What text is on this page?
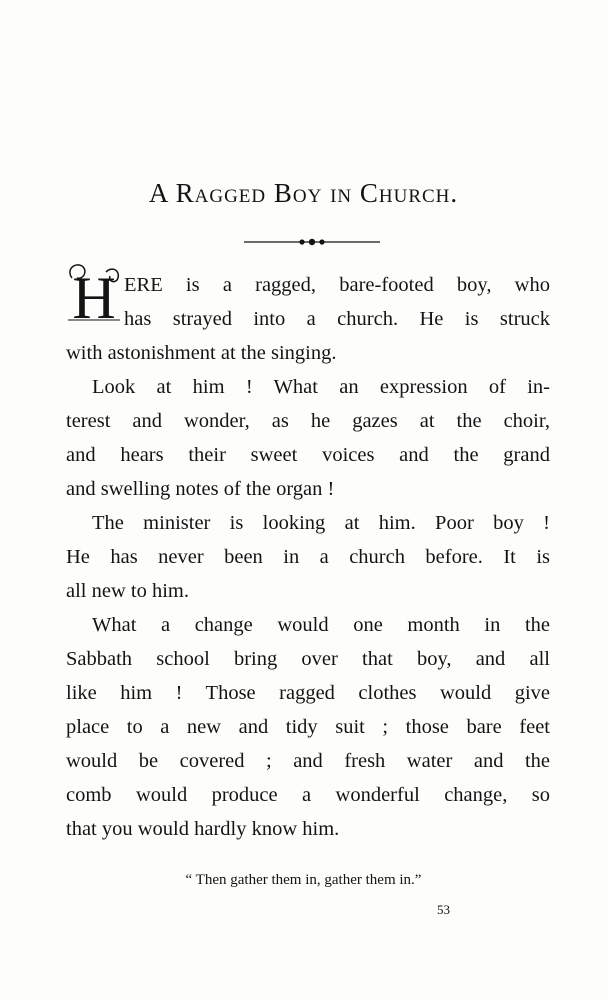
A Ragged Boy in Church.
H ERE is a ragged, bare-footed boy, who
has strayed into a church. He is struck
with astonishment at the singing.
Look at him ! What an expression of in-
terest and wonder, as he gazes at the choir,
and hears their sweet voices and the grand
and swelling notes of the organ !
The minister is looking at him. Poor boy !
He has never been in a church before. It is
all new to him.
What a change would one month in the
Sabbath school bring over that boy, and all
like him ! Those ragged clothes would give
place to a new and tidy suit ; those bare feet
would be covered ; and fresh water and the
comb would produce a wonderful change, so
that you would hardly know him.
“ Then gather them in, gather them in.”
53
